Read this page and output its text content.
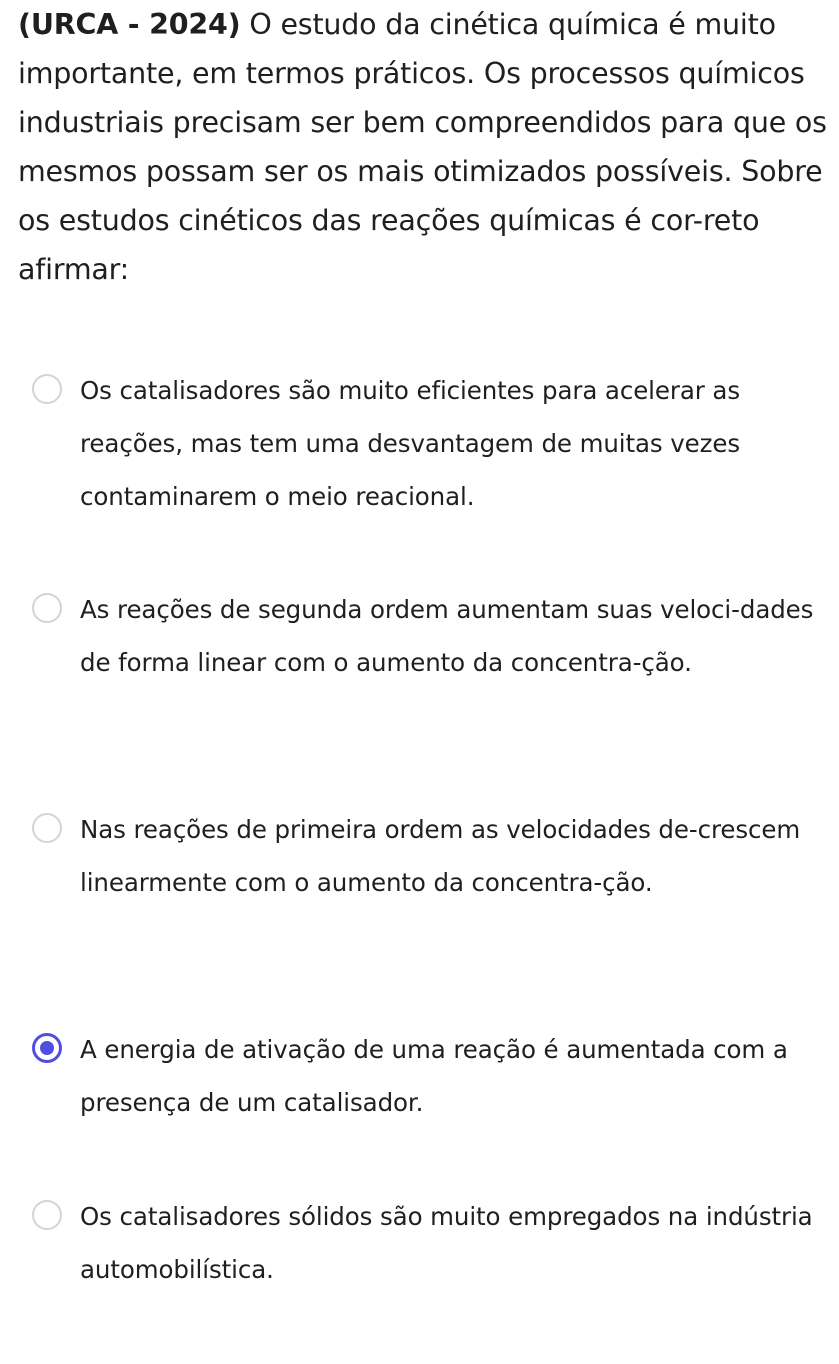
(URCA - 2024) O estudo da cinética química é muito importante, em termos práticos. Os processos químicos industriais precisam ser bem compreendidos para que os mesmos possam ser os mais otimizados possíveis. Sobre os estudos cinéticos das reações químicas é cor-reto afirmar:
Os catalisadores são muito eficientes para acelerar as reações, mas tem uma desvantagem de muitas vezes contaminarem o meio reacional.
As reações de segunda ordem aumentam suas veloci-dades de forma linear com o aumento da concentra-ção.
Nas reações de primeira ordem as velocidades de-crescem linearmente com o aumento da concentra-ção.
A energia de ativação de uma reação é aumentada com a presença de um catalisador.
Os catalisadores sólidos são muito empregados na indústria automobilística.
